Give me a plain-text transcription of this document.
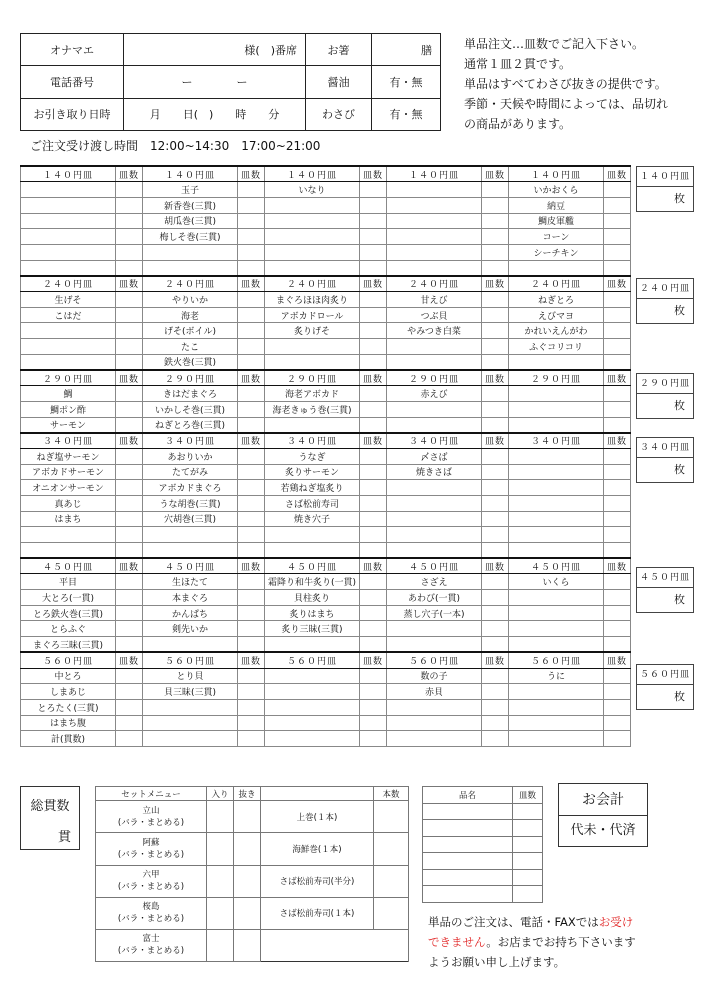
オナマエ	様(　)番席	お箸	膳
電話番号	ー　　　　ー	醤油	有・無
お引き取り日時	月　　日(　)　　時　　分	わさび	有・無
単品注文…皿数でご記入下さい。
通常１皿２貫です。
単品はすべてわさび抜きの提供です。
季節・天候や時間によっては、品切れ
の商品があります。
ご注文受け渡し時間　12:00~14:30　17:00~21:00
１４０円皿	皿数	１４０円皿	皿数	１４０円皿	皿数	１４０円皿	皿数	１４０円皿	皿数
		玉子		いなり				いかおくら	
		新香巻(三貫)						納豆	
		胡瓜巻(三貫)						鯛皮軍艦	
		梅しそ巻(三貫)						コーン	
								シーチキン	

２４０円皿	皿数	２４０円皿	皿数	２４０円皿	皿数	２４０円皿	皿数	２４０円皿	皿数
生げそ		やりいか		まぐろほほ肉炙り		甘えび		ねぎとろ	
こはだ		海老		アボカドロール		つぶ貝		えびマヨ	
		げそ(ボイル)		炙りげそ		やみつき白菜		かれいえんがわ	
		たこ						ふぐコリコリ	
		鉄火巻(三貫)							
２９０円皿	皿数	２９０円皿	皿数	２９０円皿	皿数	２９０円皿	皿数	２９０円皿	皿数
鯛		きはだまぐろ		海老アボカド		赤えび			
鯛ポン酢		いかしそ巻(三貫)		海老きゅう巻(三貫)					
サーモン		ねぎとろ巻(三貫)							
３４０円皿	皿数	３４０円皿	皿数	３４０円皿	皿数	３４０円皿	皿数	３４０円皿	皿数
ねぎ塩サーモン		あおりいか		うなぎ		〆さば			
アボカドサーモン		たてがみ		炙りサーモン		焼きさば			
オニオンサーモン		アボカドまぐろ		若鶏ねぎ塩炙り					
真あじ		うな胡巻(三貫)		さば松前寿司					
はまち		穴胡巻(三貫)		焼き穴子					

４５０円皿	皿数	４５０円皿	皿数	４５０円皿	皿数	４５０円皿	皿数	４５０円皿	皿数
平目		生ほたて		霜降り和牛炙り(一貫)		さざえ		いくら	
大とろ(一貫)		本まぐろ		貝柱炙り		あわび(一貫)			
とろ鉄火巻(三貫)		かんぱち		炙りはまち		蒸し穴子(一本)			
とらふぐ		剣先いか		炙り三昧(三貫)					
まぐろ三昧(三貫)									
５６０円皿	皿数	５６０円皿	皿数	５６０円皿	皿数	５６０円皿	皿数	５６０円皿	皿数
中とろ		とり貝				数の子		うに	
しまあじ		貝三昧(三貫)				赤貝			
とろたく(三貫)									
はまち腹									
計(貫数)									
１４０円皿
枚
２４０円皿
枚
２９０円皿
枚
３４０円皿
枚
４５０円皿
枚
５６０円皿
枚
総貫数
貫
セットメニュー	入り	抜き		本数

立山
(バラ・まとめる)			上巻(１本)	

阿蘇
(バラ・まとめる)			海鮮巻(１本)	

六甲
(バラ・まとめる)			さば松前寿司(半分)	

桜島
(バラ・まとめる)			さば松前寿司(１本)	

富士
(バラ・まとめる)				

品名	皿数

		お会計
代未・代済
単品のご注文は、電話・FAXではお受け
できません。お店までお持ち下さいます
ようお願い申し上げます。
